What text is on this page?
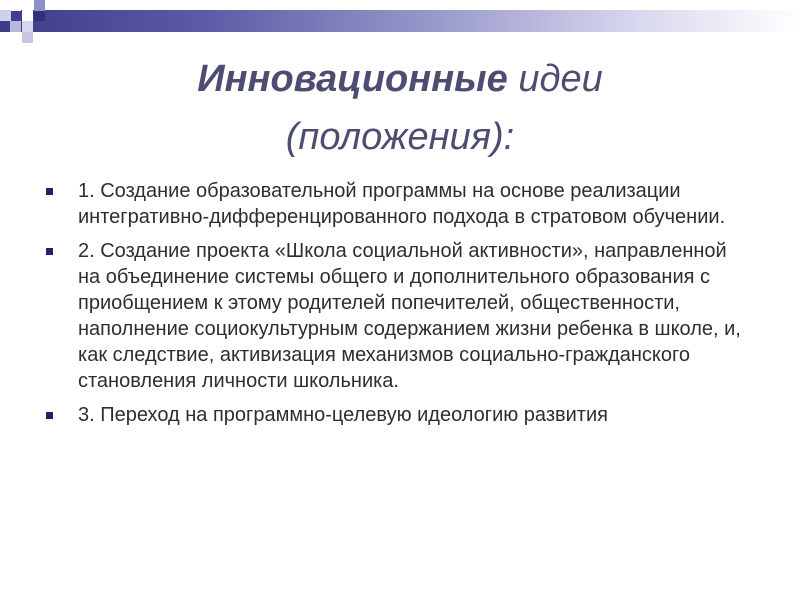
Инновационные идеи
(положения):
1. Создание образовательной программы на основе реализации интегративно-дифференцированного подхода в стратовом обучении.
2. Создание проекта «Школа социальной активности», направленной на объединение системы общего и дополнительного образования с приобщением к этому родителей попечителей, общественности, наполнение социокультурным содержанием жизни ребенка в школе, и, как следствие, активизация механизмов социально-гражданского становления личности школьника.
3. Переход на программно-целевую идеологию развития
